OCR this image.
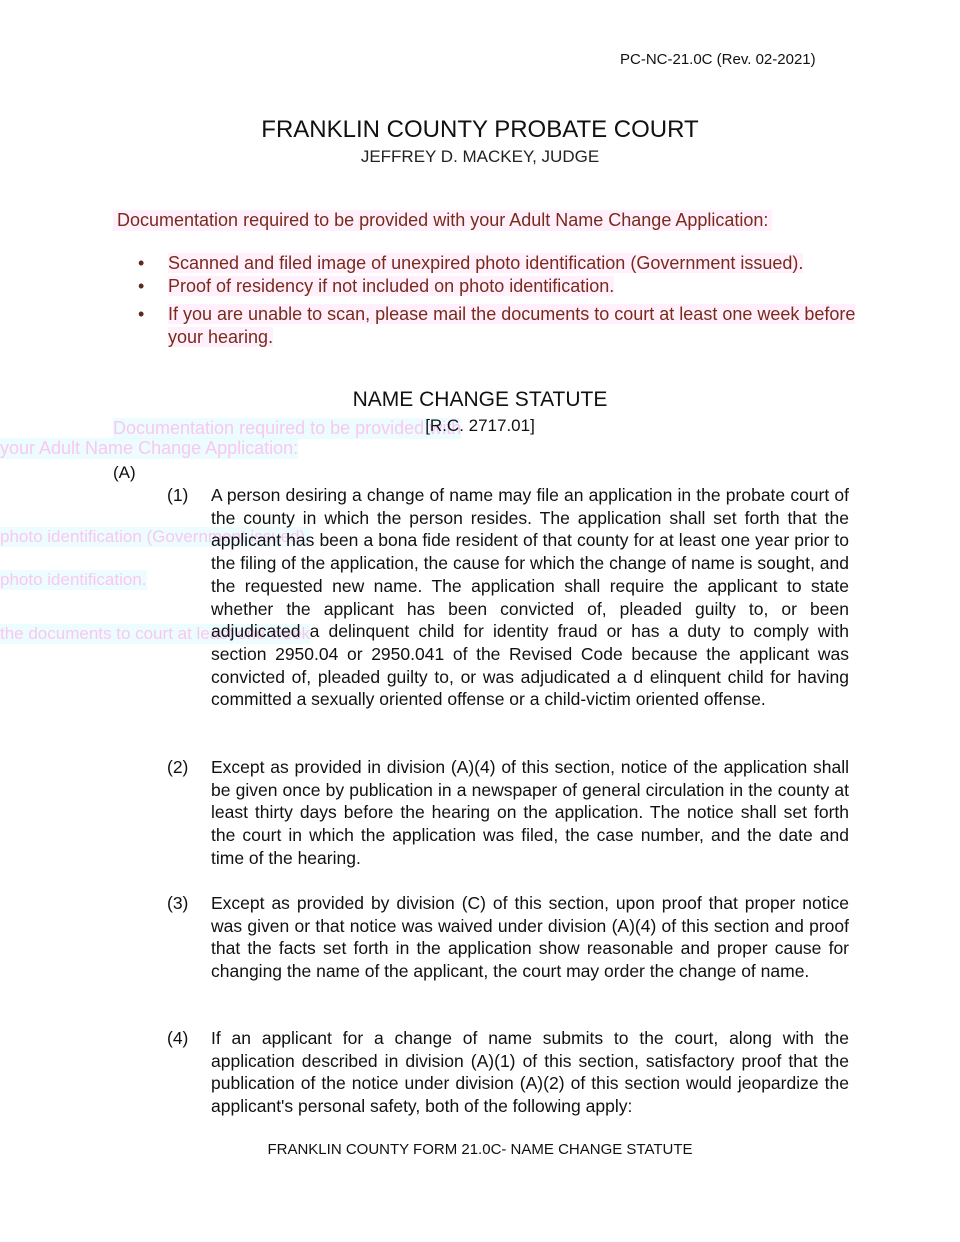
Documentation required to be provided with
your Adult Name Change Application:
photo identification (Government issued).
photo identification.
the documents to court at least one week
PC-NC-21.0C (Rev. 02-2021)
FRANKLIN COUNTY PROBATE COURT
JEFFREY D. MACKEY, JUDGE
Documentation required to be provided with your Adult Name Change Application:
• Scanned and filed image of unexpired photo identification (Government issued).
• Proof of residency if not included on photo identification.
• If you are unable to scan, please mail the documents to court at least one week before your hearing.
NAME CHANGE STATUTE
[R.C. 2717.01]
(A)
(1) A person desiring a change of name may file an application in the probate court of the county in which the person resides. The application shall set forth that the applicant has been a bona fide resident of that county for at least one year prior to the filing of the application, the cause for which the change of name is sought, and the requested new name. The application shall require the applicant to state whether the applicant has been convicted of, pleaded guilty to, or been adjudicated a delinquent child for identity fraud or has a duty to comply with section 2950.04 or 2950.041 of the Revised Code because the applicant was convicted of, pleaded guilty to, or was adjudicated a d elinquent child for having committed a sexually oriented offense or a child-victim oriented offense.
(2) Except as provided in division (A)(4) of this section, notice of the application shall be given once by publication in a newspaper of general circulation in the county at least thirty days before the hearing on the application. The notice shall set forth the court in which the application was filed, the case number, and the date and time of the hearing.
(3) Except as provided by division (C) of this section, upon proof that proper notice was given or that notice was waived under division (A)(4) of this section and proof that the facts set forth in the application show reasonable and proper cause for changing the name of the applicant, the court may order the change of name.
(4) If an applicant for a change of name submits to the court, along with the application described in division (A)(1) of this section, satisfactory proof that the publication of the notice under division (A)(2) of this section would jeopardize the applicant's personal safety, both of the following apply:
FRANKLIN COUNTY FORM 21.0C- NAME CHANGE STATUTE
